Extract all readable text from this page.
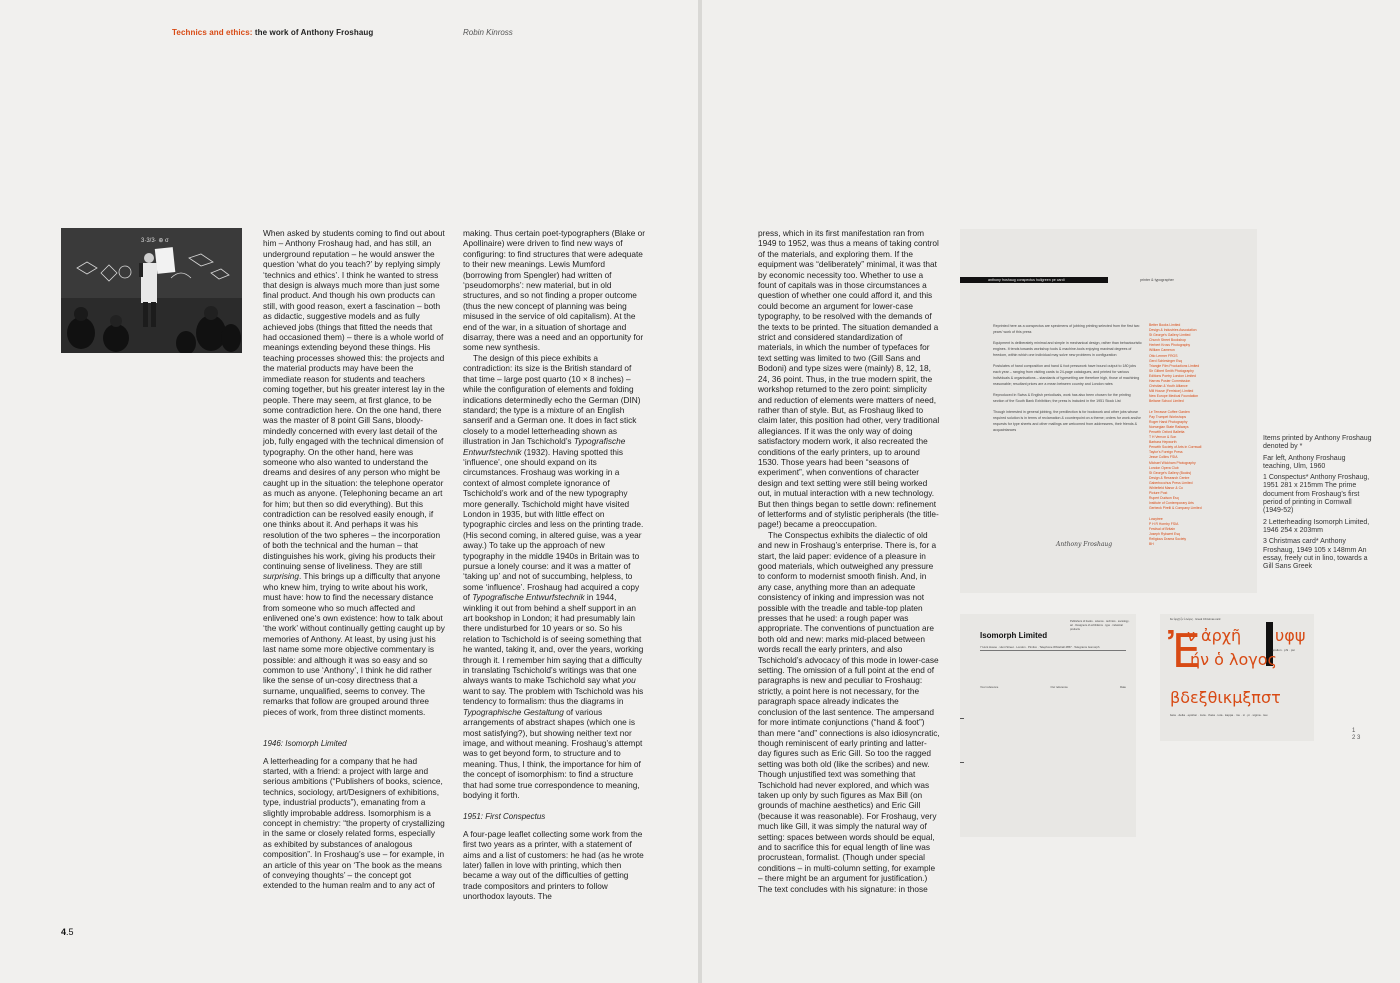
Technics and ethics: the work of Anthony Froshaug	Robin Kinross
3·3/3· ⊕ σ

When asked by students coming to find out about him – Anthony Froshaug had, and has still, an underground reputation – he would answer the question ‘what do you teach?’ by replying simply ‘technics and ethics’. I think he wanted to stress that design is always much more than just some final product. And though his own products can still, with good reason, exert a fascination – both as didactic, suggestive models and as fully achieved jobs (things that fitted the needs that had occasioned them) – there is a whole world of meanings extending beyond these things. His teaching processes showed this: the projects and the material products may have been the immediate reason for students and teachers coming together, but his greater interest lay in the people. There may seem, at first glance, to be some contradiction here. On the one hand, there was the master of 8 point Gill Sans, bloody-mindedly concerned with every last detail of the job, fully engaged with the technical dimension of typography. On the other hand, here was someone who also wanted to understand the dreams and desires of any person who might be caught up in the situation: the telephone operator as much as anyone. (Telephoning became an art for him; but then so did everything). But this contradiction can be resolved easily enough, if one thinks about it. And perhaps it was his resolution of the two spheres – the incorporation of both the technical and the human – that distinguishes his work, giving his products their continuing sense of liveliness. They are still surprising. This brings up a difficulty that anyone who knew him, trying to write about his work, must have: how to find the necessary distance from someone who so much affected and enlivened one’s own existence: how to talk about ‘the work’ without continually getting caught up by memories of Anthony. At least, by using just his last name some more objective commentary is possible: and although it was so easy and so common to use ‘Anthony’, I think he did rather like the sense of un-cosy directness that a surname, unqualified, seems to convey. The remarks that follow are grouped around three pieces of work, from three distinct moments.

1946: Isomorph Limited

A letterheading for a company that he had started, with a friend: a project with large and serious ambitions (“Publishers of books, science, technics, sociology, art/Designers of exhibitions, type, industrial products”), emanating from a slightly improbable address. Isomorphism is a concept in chemistry: “the property of crystallizing in the same or closely related forms, especially as exhibited by substances of analogous composition”. In Froshaug’s use – for example, in an article of this year on ‘The book as the means of conveying thoughts’ – the concept got extended to the human realm and to any act of

making. Thus certain poet-typographers (Blake or Apollinaire) were driven to find new ways of configuring: to find structures that were adequate to their new meanings. Lewis Mumford (borrowing from Spengler) had written of ‘pseudomorphs’: new material, but in old structures, and so not finding a proper outcome (thus the new concept of planning was being misused in the service of old capitalism). At the end of the war, in a situation of shortage and disarray, there was a need and an opportunity for some new synthesis.

The design of this piece exhibits a contradiction: its size is the British standard of that time – large post quarto (10 × 8 inches) – while the configuration of elements and folding indications determinedly echo the German (DIN) standard; the type is a mixture of an English sanserif and a German one. It does in fact stick closely to a model letterheading shown as illustration in Jan Tschichold’s Typografische Entwurfstechnik (1932). Having spotted this ‘influence’, one should expand on its circumstances. Froshaug was working in a context of almost complete ignorance of Tschichold’s work and of the new typography more generally. Tschichold might have visited London in 1935, but with little effect on typographic circles and less on the printing trade. (His second coming, in altered guise, was a year away.) To take up the approach of new typography in the middle 1940s in Britain was to pursue a lonely course: and it was a matter of ‘taking up’ and not of succumbing, helpless, to some ‘influence’. Froshaug had acquired a copy of Typografische Entwurfstechnik in 1944, winkling it out from behind a shelf support in an art bookshop in London; it had presumably lain there undisturbed for 10 years or so. So his relation to Tschichold is of seeing something that he wanted, taking it, and, over the years, working through it. I remember him saying that a difficulty in translating Tschichold’s writings was that one always wants to make Tschichold say what you want to say. The problem with Tschichold was his tendency to formalism: thus the diagrams in Typographische Gestaltung of various arrangements of abstract shapes (which one is most satisfying?), but showing neither text nor image, and without meaning. Froshaug’s attempt was to get beyond form, to structure and to meaning. Thus, I think, the importance for him of the concept of isomorphism: to find a structure that had some true correspondence to meaning, bodying it forth.

1951: First Conspectus

A four-page leaflet collecting some work from the first two years as a printer, with a statement of aims and a list of customers: he had (as he wrote later) fallen in love with printing, which then became a way out of the difficulties of getting trade compositors and printers to follow unorthodox layouts. The

4.5

press, which in its first manifestation ran from 1949 to 1952, was thus a means of taking control of the materials, and exploring them. If the equipment was “deliberately” minimal, it was that by economic necessity too. Whether to use a fount of capitals was in those circumstances a question of whether one could afford it, and this could become an argument for lower-case typography, to be resolved with the demands of the texts to be printed. The situation demanded a strict and considered standardization of materials, in which the number of typefaces for text setting was limited to two (Gill Sans and Bodoni) and type sizes were (mainly) 8, 12, 18, 24, 36 point. Thus, in the true modern spirit, the workshop returned to the zero point: simplicity and reduction of elements were matters of need, rather than of style. But, as Froshaug liked to claim later, this position had other, very traditional allegiances. If it was the only way of doing satisfactory modern work, it also recreated the conditions of the early printers, up to around 1530. Those years had been “seasons of experiment”, when conventions of character design and text setting were still being worked out, in mutual interaction with a new technology. But then things began to settle down: refinement of letterforms and of stylistic peripherals (the title-page!) became a preoccupation.

The Conspectus exhibits the dialectic of old and new in Froshaug’s enterprise. There is, for a start, the laid paper: evidence of a pleasure in good materials, which outweighed any pressure to conform to modernist smooth finish. And, in any case, anything more than an adequate consistency of inking and impression was not possible with the treadle and table-top platen presses that he used: a rough paper was appropriate. The conventions of punctuation are both old and new: marks mid-placed between words recall the early printers, and also Tschichold’s advocacy of this mode in lower-case setting. The omission of a full point at the end of paragraphs is new and peculiar to Froshaug: strictly, a point here is not necessary, for the paragraph space already indicates the conclusion of the last sentence. The ampersand for more intimate conjunctions (“hand & foot”) than mere “and” connections is also idiosyncratic, though reminiscent of early printing and latter-day figures such as Eric Gill. So too the ragged setting was both old (like the scribes) and new. Though unjustified text was something that Tschichold had never explored, and which was taken up only by such figures as Max Bill (on grounds of machine aesthetics) and Eric Gill (because it was reasonable). For Froshaug, very much like Gill, it was simply the natural way of setting: spaces between words should be equal, and to sacrifice this for equal length of line was procrustean, formalist. (Though under special conditions – in multi-column setting, for example – there might be an argument for justification.) The text concludes with his signature: in those

anthony froshaug conspectus hullgreen pe cardi	printer & typographer

Reprinted here as a conspectus are specimens of jobbing printing selected from the first two years’ work of this press

Equipment is deliberately minimal and simple in mechanical design, rather than behaviouristic engines. It tends towards workshop tools & machine-tools enjoying maximal degrees of freedom, within which one individual may solve new problems in configuration

Postulates of hand composition and hand & foot presswork have bound output to 180 jobs each year – ranging from visiting cards to 24-page catalogues, and printed for various individuals & organisations – standards of typesetting are therefore high, those of machining reasonable; resultant prices are a mean between country and London rates

Reproduced in Swiss & English periodicals, work has also been chosen for the printing section of the South Bank Exhibition; the press is included in the 1951 Stock List

Though interested in general jobbing, the predilection is for bookwork and other jobs whose required solution is in terms of reclamation & counterpoint on a theme; orders for work and/or requests for type sheets and other mailings are welcomed from addressees, their friends & acquaintances

Anthony Froshaug
Better Books Limited
Design & Industries Association
St George’s Gallery Limited
Church Street Bookshop
Herbert Kross Photography
William Cameron
Otto Lermer FRGS
Gerd Schlesinger Esq
Triangle Film Productions Limited
Sir Gilbert Smith Photography
Editions Poetry London Limited
Harrow Poster Commission
Christian & Youth Alliance
Mill House (Ferriston) Limited
New Europe Medical Foundation
Beltane School Limited
Le Terrasse Coffee Garden
Pay Trumpet Workshops
Roger Hand Photography
Norwegian State Railways
Penwith Oxford Balletta
T H Vernon & Son
Barbara Hepworth
Penwith Society of Arts in Cornwall
Taylor’s Foreign Press
Jesse Collins FSIA
Michael Wickham Photography
London Opera Club
St George’s Gallery (Books)
Design & Research Centre
Gaberbocchus Press Limited
Whitefield Manor & Co
Picture Post
Rupert Dudson Esq
Institute of Contemporary Arts
Gerbeck Pirelli & Company Limited
Lowytree
P H R Hornby FSIA
Festival of Britain
Joseph Rykwert Esq
Religious Drama Society
BH
Isomorph Limited
7 Hunt House · Hunt Street · London · Pimlico · Telephone Whitehall 4857 · Telegrams Isomorph
Publishers of books · science · technics · sociology · art · Designers of exhibitions · type · industrial products
Your reference	Our reference	Date
Ἐν ἀρχῇ ἦν ὁ λόγος · Greek Christmas card
Ἐ
ν ἀρχῆ υφψ
upsilon · phi · psi
ήν ὁ λογος
βδεξθικμξπστ
beta · delta · epsilon · zeta · theta · iota · kappa · mu · xi · pi · sigma · tau

Items printed by Anthony Froshaug denoted by *

Far left, Anthony Froshaug teaching, Ulm, 1960

1 Conspectus* Anthony Froshaug, 1951 281 x 215mm The prime document from Froshaug’s first period of printing in Cornwall (1949-52)

2 Letterheading Isomorph Limited, 1946 254 x 203mm

3 Christmas card* Anthony Froshaug, 1949 105 x 148mm An essay, freely cut in lino, towards a Gill Sans Greek

1
2 3
